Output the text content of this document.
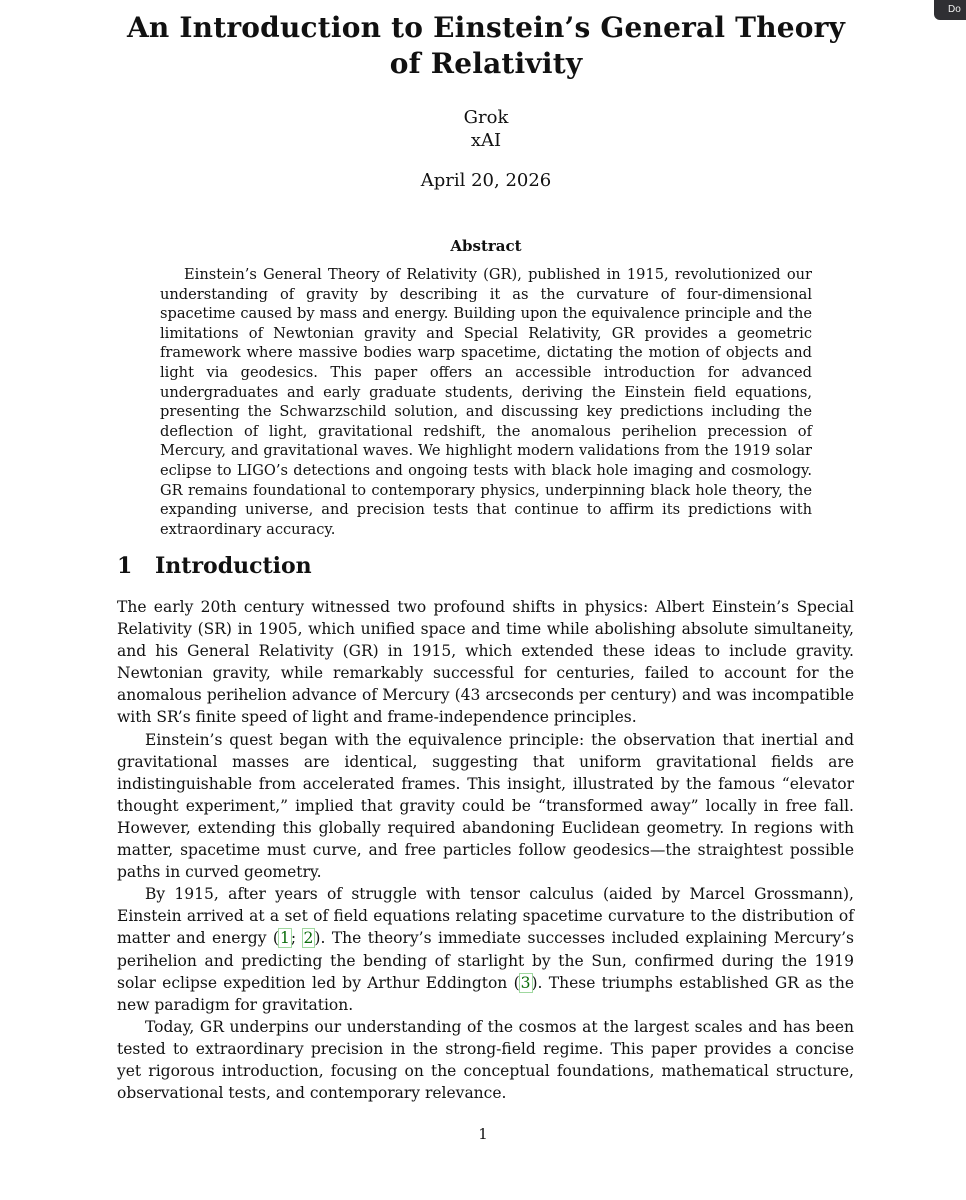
Do
An Introduction to Einstein’s General Theory of Relativity
Grok
xAI
April 20, 2026
Abstract

Einstein’s General Theory of Relativity (GR), published in 1915, revolutionized our understanding of gravity by describing it as the curvature of four-dimensional spacetime caused by mass and energy. Building upon the equivalence principle and the limitations of Newtonian gravity and Special Relativity, GR provides a geometric framework where massive bodies warp spacetime, dictating the motion of objects and light via geodesics. This paper offers an accessible introduction for advanced undergraduates and early graduate students, deriving the Einstein field equations, presenting the Schwarzschild solution, and discussing key predictions including the deflection of light, gravitational redshift, the anomalous perihelion precession of Mercury, and gravitational waves. We highlight modern validations from the 1919 solar eclipse to LIGO’s detections and ongoing tests with black hole imaging and cosmology. GR remains foundational to contemporary physics, underpinning black hole theory, the expanding universe, and precision tests that continue to affirm its predictions with extraordinary accuracy.

1 Introduction

The early 20th century witnessed two profound shifts in physics: Albert Einstein’s Special Relativity (SR) in 1905, which unified space and time while abolishing absolute simultaneity, and his General Relativity (GR) in 1915, which extended these ideas to include gravity. Newtonian gravity, while remarkably successful for centuries, failed to account for the anomalous perihelion advance of Mercury (43 arcseconds per century) and was incompatible with SR’s finite speed of light and frame-independence principles.

Einstein’s quest began with the equivalence principle: the observation that inertial and gravitational masses are identical, suggesting that uniform gravitational fields are indistinguishable from accelerated frames. This insight, illustrated by the famous “elevator thought experiment,” implied that gravity could be “transformed away” locally in free fall. However, extending this globally required abandoning Euclidean geometry. In regions with matter, spacetime must curve, and free particles follow geodesics—the straightest possible paths in curved geometry.

By 1915, after years of struggle with tensor calculus (aided by Marcel Grossmann), Einstein arrived at a set of field equations relating spacetime curvature to the distribution of matter and energy (1; 2). The theory’s immediate successes included explaining Mercury’s perihelion and predicting the bending of starlight by the Sun, confirmed during the 1919 solar eclipse expedition led by Arthur Eddington (3). These triumphs established GR as the new paradigm for gravitation.

Today, GR underpins our understanding of the cosmos at the largest scales and has been tested to extraordinary precision in the strong-field regime. This paper provides a concise yet rigorous introduction, focusing on the conceptual foundations, mathematical structure, observational tests, and contemporary relevance.

1
